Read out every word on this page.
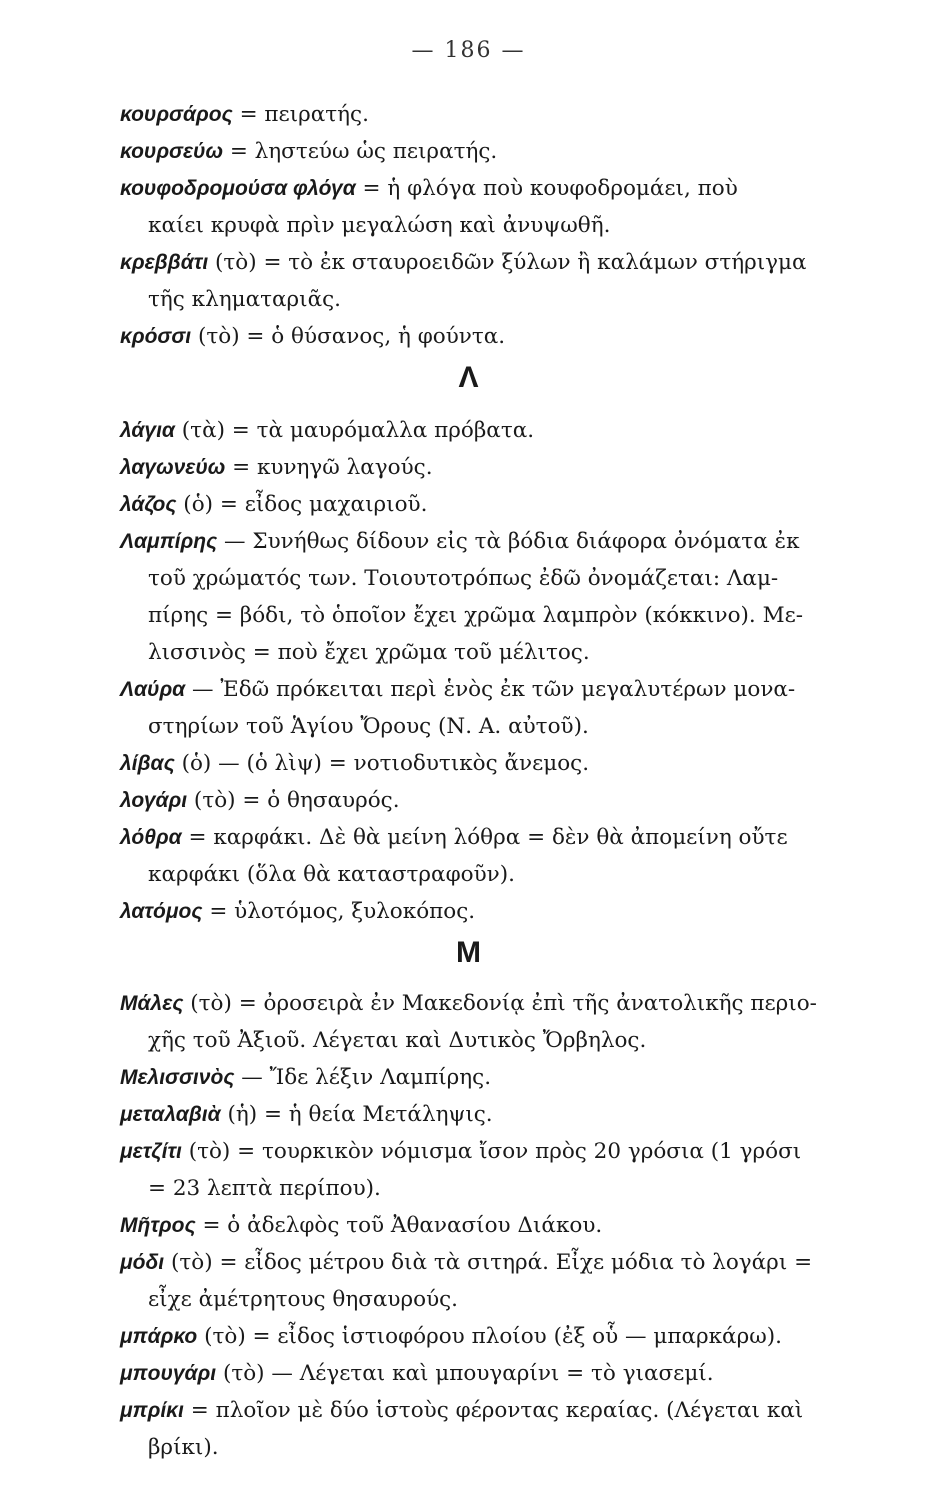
— 186 —
κουρσάρος = πειρατής.
κουρσεύω = ληστεύω ὡς πειρατής.
κουφοδρομούσα φλόγα = ἡ φλόγα ποὺ κουφοδρομάει, ποὺ
καίει κρυφὰ πρὶν μεγαλώση καὶ ἀνυψωθῆ.
κρεββάτι (τὸ) = τὸ ἐκ σταυροειδῶν ξύλων ἢ καλάμων στήριγμα
τῆς κληματαριᾶς.
κρόσσι (τὸ) = ὁ θύσανος, ἡ φούντα.
Λ
λάγια (τὰ) = τὰ μαυρόμαλλα πρόβατα.
λαγωνεύω = κυνηγῶ λαγούς.
λάζος (ὁ) = εἶδος μαχαιριοῦ.
Λαμπίρης — Συνήθως δίδουν εἰς τὰ βόδια διάφορα ὀνόματα ἐκ
τοῦ χρώματός των. Τοιουτοτρόπως ἐδῶ ὀνομάζεται: Λαμ-
πίρης = βόδι, τὸ ὁποῖον ἔχει χρῶμα λαμπρὸν (κόκκινο). Με-
λισσινὸς = ποὺ ἔχει χρῶμα τοῦ μέλιτος.
Λαύρα — Ἐδῶ πρόκειται περὶ ἑνὸς ἐκ τῶν μεγαλυτέρων μονα-
στηρίων τοῦ Ἁγίου Ὄρους (Ν. Α. αὐτοῦ).
λίβας (ὁ) — (ὁ λὶψ) = νοτιοδυτικὸς ἄνεμος.
λογάρι (τὸ) = ὁ θησαυρός.
λόθρα = καρφάκι. Δὲ θὰ μείνη λόθρα = δὲν θὰ ἀπομείνη οὔτε
καρφάκι (ὅλα θὰ καταστραφοῦν).
λατόμος = ὑλοτόμος, ξυλοκόπος.
Μ
Μάλες (τὸ) = ὀροσειρὰ ἐν Μακεδονίᾳ ἐπὶ τῆς ἀνατολικῆς περιο-
χῆς τοῦ Ἀξιοῦ. Λέγεται καὶ Δυτικὸς Ὄρβηλος.
Μελισσινὸς — Ἴδε λέξιν Λαμπίρης.
μεταλαβιὰ (ἡ) = ἡ θεία Μετάληψις.
μετζίτι (τὸ) = τουρκικὸν νόμισμα ἴσον πρὸς 20 γρόσια (1 γρόσι
= 23 λεπτὰ περίπου).
Μῆτρος = ὁ ἀδελφὸς τοῦ Ἀθανασίου Διάκου.
μόδι (τὸ) = εἶδος μέτρου διὰ τὰ σιτηρά. Εἶχε μόδια τὸ λογάρι =
εἶχε ἀμέτρητους θησαυρούς.
μπάρκο (τὸ) = εἶδος ἱστιοφόρου πλοίου (ἐξ οὗ — μπαρκάρω).
μπουγάρι (τὸ) — Λέγεται καὶ μπουγαρίνι = τὸ γιασεμί.
μπρίκι = πλοῖον μὲ δύο ἱστοὺς φέροντας κεραίας. (Λέγεται καὶ
βρίκι).
